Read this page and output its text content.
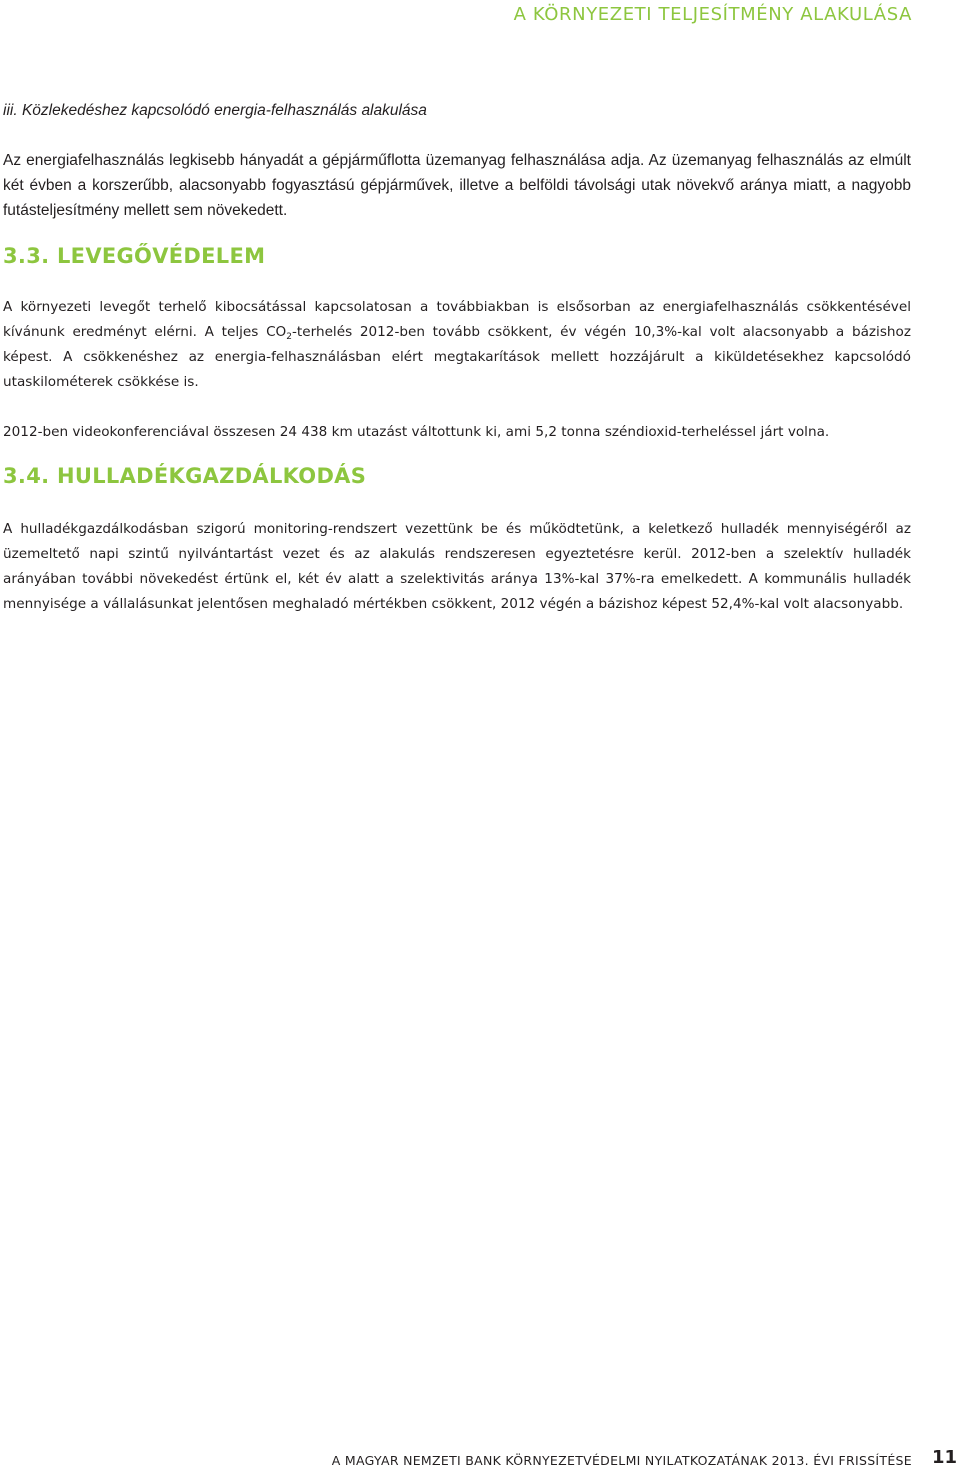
A KÖRNYEZETI TELJESÍTMÉNY ALAKULÁSA
iii. Közlekedéshez kapcsolódó energia-felhasználás alakulása

Az energiafelhasználás legkisebb hányadát a gépjárműflotta üzemanyag felhasználása adja. Az üzemanyag felhasználás az elmúlt két évben a korszerűbb, alacsonyabb fogyasztású gépjárművek, illetve a belföldi távolsági utak növekvő aránya miatt, a nagyobb futásteljesítmény mellett sem növekedett.

3.3. LEVEGŐVÉDELEM

A környezeti levegőt terhelő kibocsátással kapcsolatosan a továbbiakban is elsősorban az energiafelhasználás csökkentésével kívánunk eredményt elérni. A teljes $CO_2$-terhelés 2012-ben tovább csökkent, év végén 10,3%-kal volt alacsonyabb a bázishoz képest. A csökkenéshez az energia-felhasználásban elért megtakarítások mellett hozzájárult a kiküldetésekhez kapcsolódó utaskilométerek csökkése is.

2012-ben videokonferenciával összesen 24 438 km utazást váltottunk ki, ami 5,2 tonna széndioxid-terheléssel járt volna.

3.4. HULLADÉKGAZDÁLKODÁS

A hulladékgazdálkodásban szigorú monitoring-rendszert vezettünk be és működtetünk, a keletkező hulladék mennyiségéről az üzemeltető napi szintű nyilvántartást vezet és az alakulás rendszeresen egyeztetésre kerül. 2012-ben a szelektív hulladék arányában további növekedést értünk el, két év alatt a szelektivitás aránya 13%-kal 37%-ra emelkedett. A kommunális hulladék mennyisége a vállalásunkat jelentősen meghaladó mértékben csökkent, 2012 végén a bázishoz képest 52,4%-kal volt alacsonyabb.

A MAGYAR NEMZETI BANK KÖRNYEZETVÉDELMI NYILATKOZATÁNAK 2013. ÉVI FRISSÍTÉSE 11
